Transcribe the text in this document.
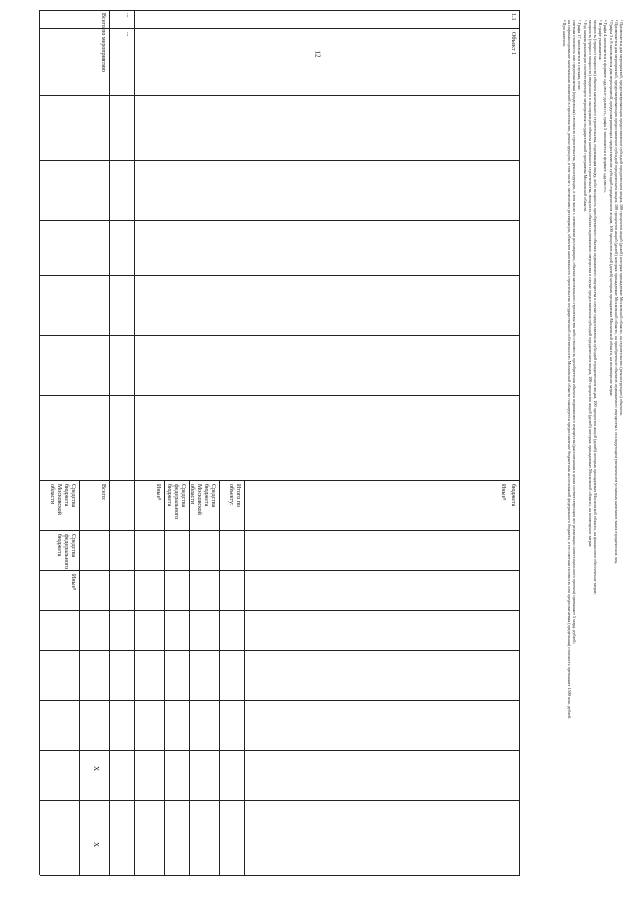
12
1.1
Объект 1
бюджета
Иные⁸
Итого по объекту:
Средства бюджета Московской области
Средства федерального бюджета
Иные⁸
...
...
Всего по мероприятию
Всего:
Средства бюджета Московской области
Средства федерального бюджета
Иные⁸
X
X

¹ Применяется для мероприятий, предусматривающих предоставление субсидий юридическим лицам, 100 процентов акций (долей) которых принадлежат Московской области, на строительство (реконструкцию) объектов.

² Применяется для мероприятий, предусматривающих предоставление субсидий юридическим лицам, 100 процентов акций (долей) которых принадлежат Московской области, на приобретение объектов недвижимого имущества с последующим увеличением уставных капиталов таких юридических лиц.

³ Графы 3 и 8 заполняются для мероприятий, предусматривающих предоставление субсидий юридическим лицам, 100 процентов акций (долей) которых принадлежат Московской области, на возмещение затрат.

⁴ Графа 4 заполняется в формате «дд.мм.гг-дд.мм.гг», графа 5 заполняется в формате «дд.мм.гг».

⁵ В графе указывается:

мощность (прирост мощности) объекта капитального строительства, подлежащая вводу, либо мощность приобретаемого объекта недвижимого имущества в случае предоставления субсидий юридическим лицам, 100 процентов акций (долей) которых принадлежат Московской области, на финансовое обеспечение затрат;

мощность (прирост мощности) введенного в эксплуатацию объекта капитального строительства, мощность объекта недвижимого имущества в случае предоставления субсидий юридическим лицам, 100 процентов акций (долей) которых принадлежат Московской области, на возмещение затрат.

⁶ Год начала реализации соответствующего мероприятия государственной программы Московской области.

⁷ Графа 17 заполняется в случаях, если:

сметная стоимость или предполагаемая (предельная) стоимость строительства, реконструкции, в том числе с элементами реставрации, объекта капитального строительства либо стоимость приобретения объекта недвижимого имущества (рассчитанная в ценах соответствующих лет реализации инвестиционного проекта) превышает 5 млрд. рублей;

на софинансирование капитальных вложений в строительство, реконструкцию, в том числе с элементами реставрации, объектов капитального строительства государственной собственности Московской области планируется предоставление бюджетных ассигнований федерального бюджета, и его сметная стоимость или предполагаемая (предельная) стоимость превышает 1500 млн. рублей.

⁸ При наличии.
